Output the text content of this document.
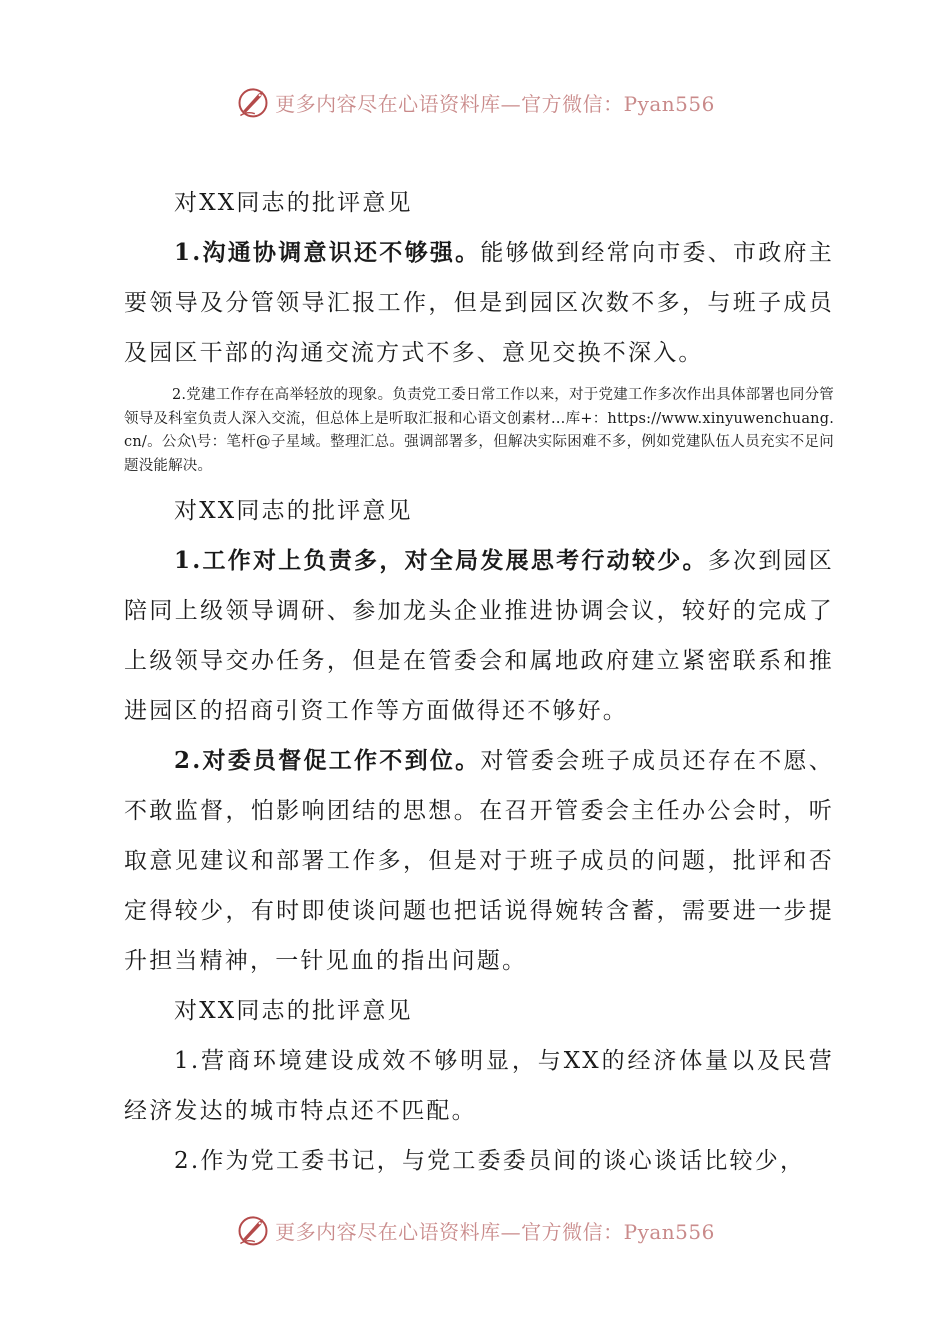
更多内容尽在心语资料库—官方微信：Pyan556

对XX同志的批评意见

1.沟通协调意识还不够强。能够做到经常向市委、市政府主要领导及分管领导汇报工作，但是到园区次数不多，与班子成员及园区干部的沟通交流方式不多、意见交换不深入。

2.党建工作存在高举轻放的现象。负责党工委日常工作以来，对于党建工作多次作出具体部署也同分管领导及科室负责人深入交流，但总体上是听取汇报和心语文创素材…库+：https://www.xinyuwenchuang.cn/。公众\号：笔杆@子星域。整理汇总。强调部署多，但解决实际困难不多，例如党建队伍人员充实不足问题没能解决。

对XX同志的批评意见

1.工作对上负责多，对全局发展思考行动较少。多次到园区陪同上级领导调研、参加龙头企业推进协调会议，较好的完成了上级领导交办任务，但是在管委会和属地政府建立紧密联系和推进园区的招商引资工作等方面做得还不够好。

2.对委员督促工作不到位。对管委会班子成员还存在不愿、不敢监督，怕影响团结的思想。在召开管委会主任办公会时，听取意见建议和部署工作多，但是对于班子成员的问题，批评和否定得较少，有时即使谈问题也把话说得婉转含蓄，需要进一步提升担当精神，一针见血的指出问题。

对XX同志的批评意见

1.营商环境建设成效不够明显，与XX的经济体量以及民营经济发达的城市特点还不匹配。

2.作为党工委书记，与党工委委员间的谈心谈话比较少，

更多内容尽在心语资料库—官方微信：Pyan556
